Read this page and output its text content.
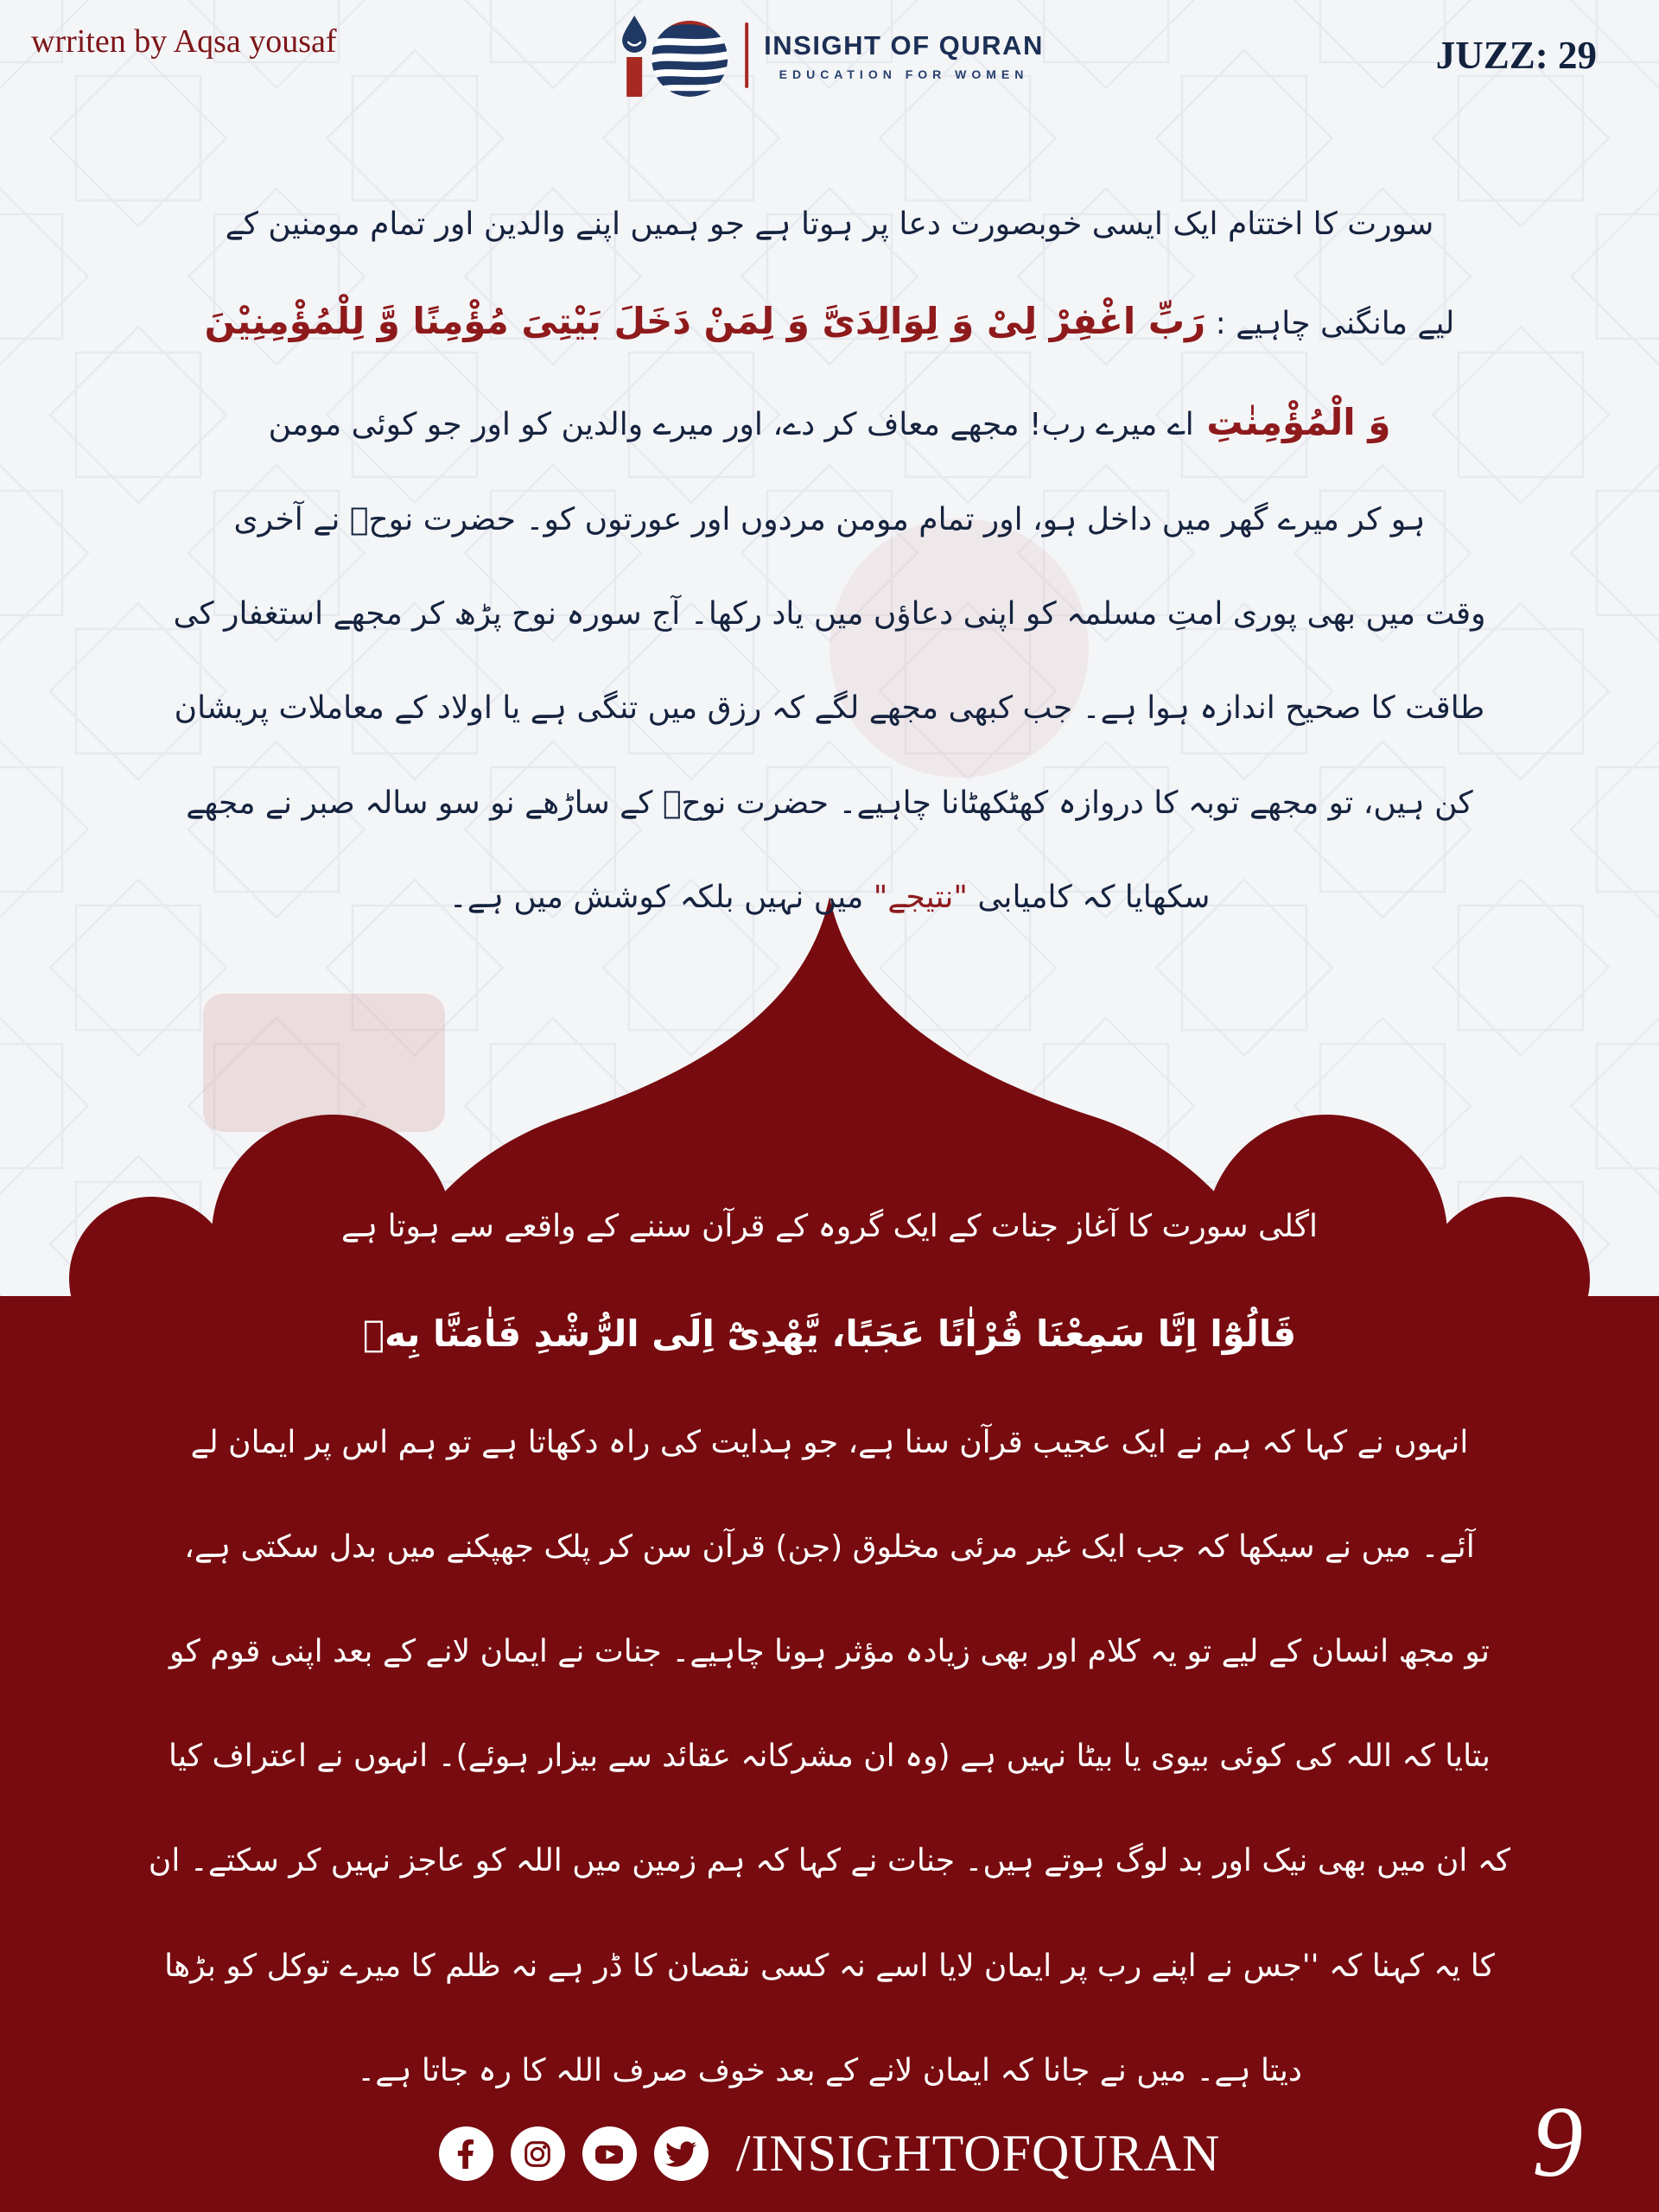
wrriten by Aqsa yousaf	INSIGHT OF QURAN
EDUCATION FOR WOMEN	JUZZ: 29
سورت کا اختتام ایک ایسی خوبصورت دعا پر ہوتا ہے جو ہمیں اپنے والدین اور تمام مومنین کے
لیے مانگنی چاہیے : رَبِّ اغْفِرْ لِیْ وَ لِوَالِدَیَّ وَ لِمَنْ دَخَلَ بَیْتِیَ مُؤْمِنًا وَّ لِلْمُؤْمِنِیْنَ
وَ الْمُؤْمِنٰتِ اے میرے رب! مجھے معاف کر دے، اور میرے والدین کو اور جو کوئی مومن
ہو کر میرے گھر میں داخل ہو، اور تمام مومن مردوں اور عورتوں کو۔ حضرت نوحؑ نے آخری
وقت میں بھی پوری امتِ مسلمہ کو اپنی دعاؤں میں یاد رکھا۔ آج سورہ نوح پڑھ کر مجھے استغفار کی
طاقت کا صحیح اندازہ ہوا ہے۔ جب کبھی مجھے لگے کہ رزق میں تنگی ہے یا اولاد کے معاملات پریشان
کن ہیں، تو مجھے توبہ کا دروازہ کھٹکھٹانا چاہیے۔ حضرت نوحؑ کے ساڑھے نو سو سالہ صبر نے مجھے
سکھایا کہ کامیابی "نتیجے" میں نہیں بلکہ کوشش میں ہے۔
اگلی سورت کا آغاز جنات کے ایک گروہ کے قرآن سننے کے واقعے سے ہوتا ہے
قَالُوْٓا اِنَّا سَمِعْنَا قُرْاٰنًا عَجَبًا، یَّهْدِیْٓ اِلَی الرُّشْدِ فَاٰمَنَّا بِهٖ
انہوں نے کہا کہ ہم نے ایک عجیب قرآن سنا ہے، جو ہدایت کی راہ دکھاتا ہے تو ہم اس پر ایمان لے
آئے۔ میں نے سیکھا کہ جب ایک غیر مرئی مخلوق (جن) قرآن سن کر پلک جھپکنے میں بدل سکتی ہے،
تو مجھ انسان کے لیے تو یہ کلام اور بھی زیادہ مؤثر ہونا چاہیے۔ جنات نے ایمان لانے کے بعد اپنی قوم کو
بتایا کہ اللہ کی کوئی بیوی یا بیٹا نہیں ہے (وہ ان مشرکانہ عقائد سے بیزار ہوئے)۔ انہوں نے اعتراف کیا
کہ ان میں بھی نیک اور بد لوگ ہوتے ہیں۔ جنات نے کہا کہ ہم زمین میں اللہ کو عاجز نہیں کر سکتے۔ ان
کا یہ کہنا کہ ''جس نے اپنے رب پر ایمان لایا اسے نہ کسی نقصان کا ڈر ہے نہ ظلم کا میرے توکل کو بڑھا
دیتا ہے۔ میں نے جانا کہ ایمان لانے کے بعد خوف صرف اللہ کا رہ جاتا ہے۔
/INSIGHTOFQURAN	9
